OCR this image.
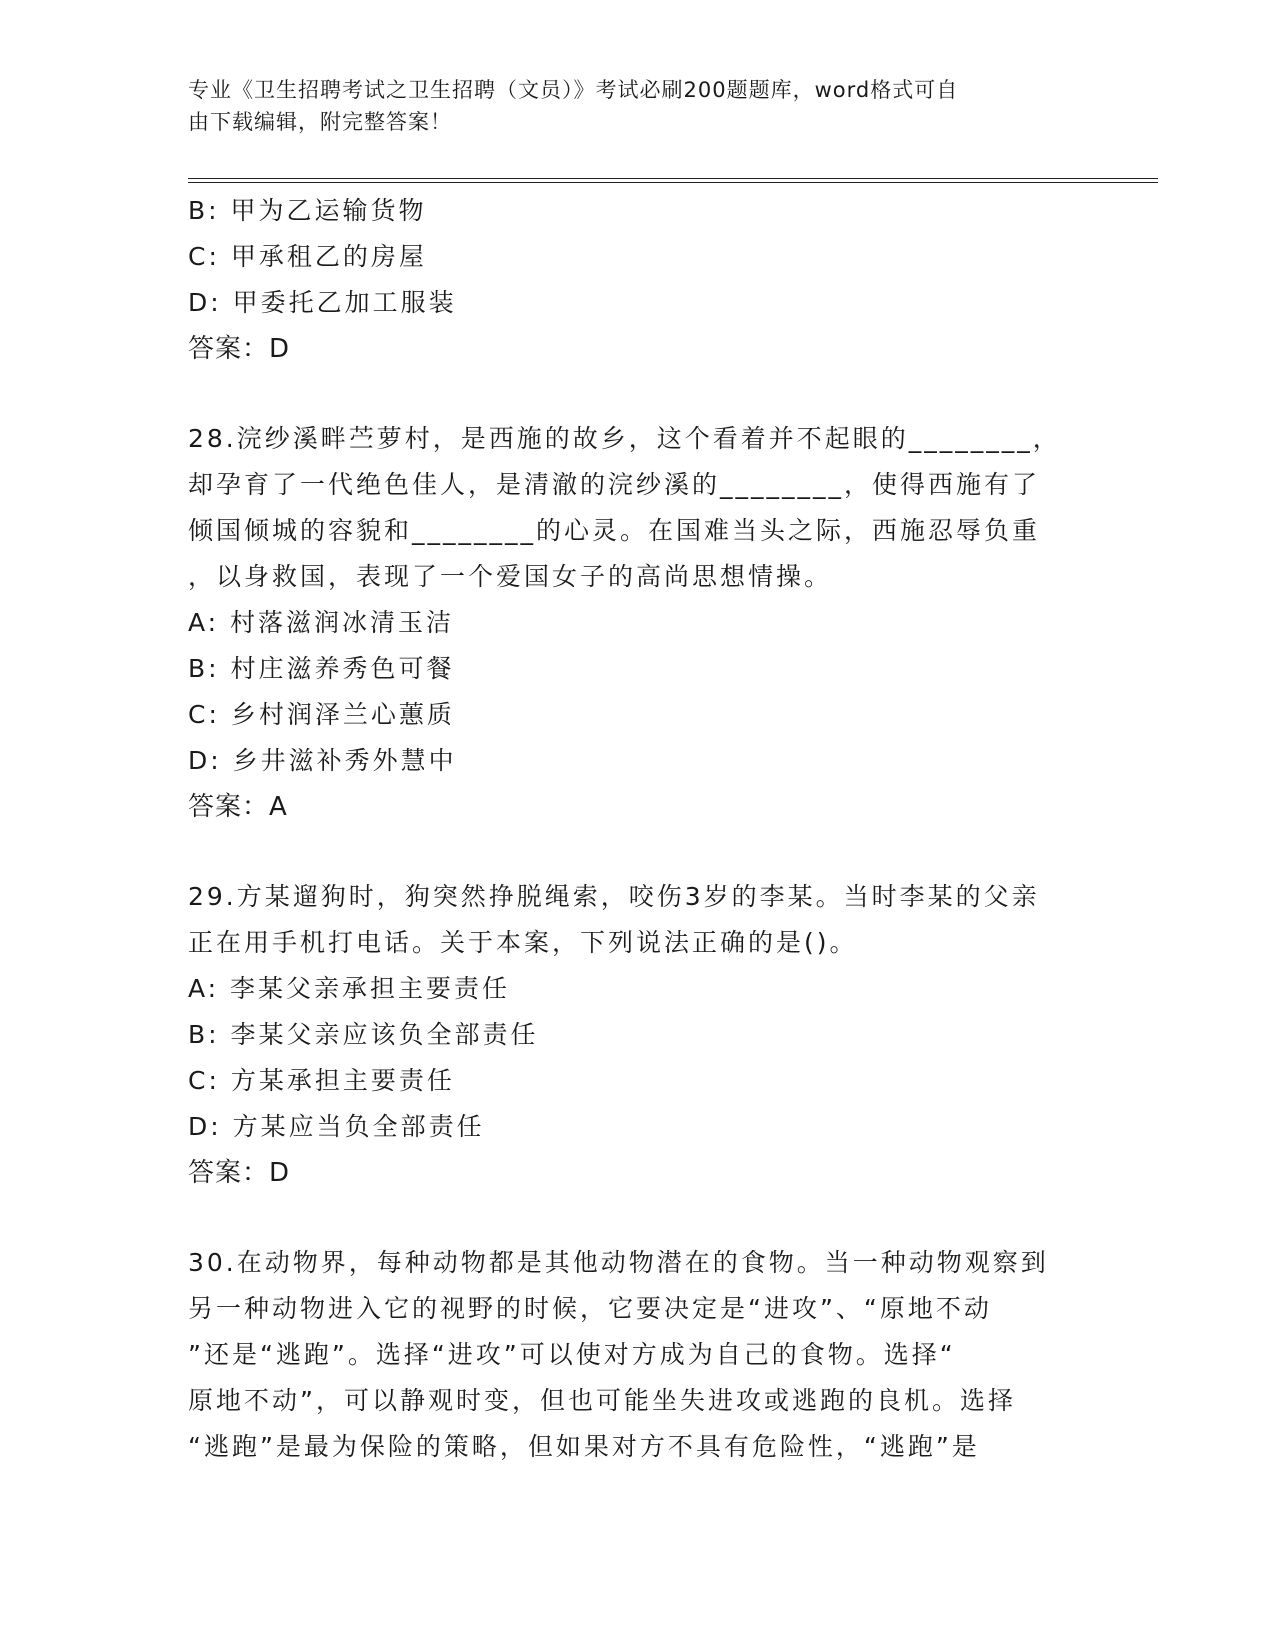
专业《卫生招聘考试之卫生招聘（文员）》考试必刷200题题库，word格式可自
由下载编辑，附完整答案！
B: 甲为乙运输货物
C: 甲承租乙的房屋
D: 甲委托乙加工服装
答案：D
28.浣纱溪畔苎萝村，是西施的故乡，这个看着并不起眼的________，
却孕育了一代绝色佳人，是清澈的浣纱溪的________，使得西施有了
倾国倾城的容貌和________的心灵。在国难当头之际，西施忍辱负重
，以身救国，表现了一个爱国女子的高尚思想情操。
A: 村落滋润冰清玉洁
B: 村庄滋养秀色可餐
C: 乡村润泽兰心蕙质
D: 乡井滋补秀外慧中
答案：A
29.方某遛狗时，狗突然挣脱绳索，咬伤3岁的李某。当时李某的父亲
正在用手机打电话。关于本案，下列说法正确的是()。
A: 李某父亲承担主要责任
B: 李某父亲应该负全部责任
C: 方某承担主要责任
D: 方某应当负全部责任
答案：D
30.在动物界，每种动物都是其他动物潜在的食物。当一种动物观察到
另一种动物进入它的视野的时候，它要决定是“进攻”、“原地不动
”还是“逃跑”。选择“进攻”可以使对方成为自己的食物。选择“
原地不动”，可以静观时变，但也可能坐失进攻或逃跑的良机。选择
“逃跑”是最为保险的策略，但如果对方不具有危险性，“逃跑”是
